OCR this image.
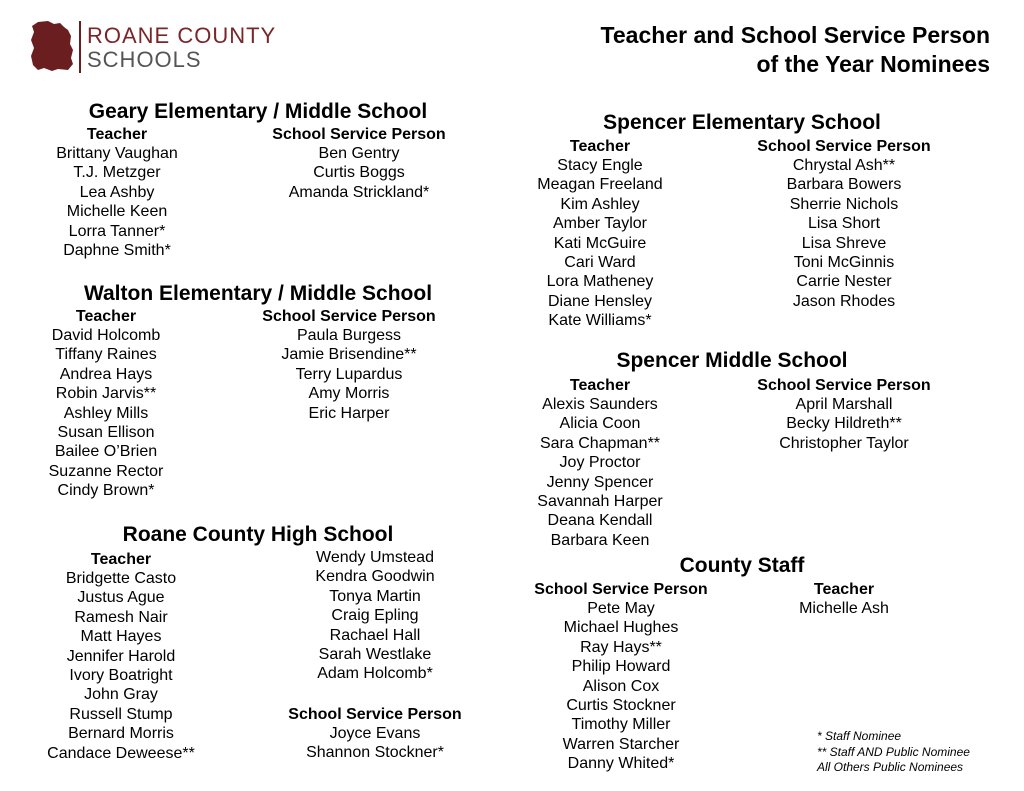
ROANE COUNTY
SCHOOLS
Teacher and School Service Person
of the Year Nominees
Geary Elementary / Middle School
Teacher
Brittany Vaughan
T.J. Metzger
Lea Ashby
Michelle Keen
Lorra Tanner*
Daphne Smith*
School Service Person
Ben Gentry
Curtis Boggs
Amanda Strickland*
Walton Elementary / Middle School
Teacher
David Holcomb
Tiffany Raines
Andrea Hays
Robin Jarvis**
Ashley Mills
Susan Ellison
Bailee O’Brien
Suzanne Rector
Cindy Brown*
School Service Person
Paula Burgess
Jamie Brisendine**
Terry Lupardus
Amy Morris
Eric Harper
Roane County High School
Teacher
Bridgette Casto
Justus Ague
Ramesh Nair
Matt Hayes
Jennifer Harold
Ivory Boatright
John Gray
Russell Stump
Bernard Morris
Candace Deweese**
Wendy Umstead
Kendra Goodwin
Tonya Martin
Craig Epling
Rachael Hall
Sarah Westlake
Adam Holcomb*
School Service Person
Joyce Evans
Shannon Stockner*
Spencer Elementary School
Teacher
Stacy Engle
Meagan Freeland
Kim Ashley
Amber Taylor
Kati McGuire
Cari Ward
Lora Matheney
Diane Hensley
Kate Williams*
School Service Person
Chrystal Ash**
Barbara Bowers
Sherrie Nichols
Lisa Short
Lisa Shreve
Toni McGinnis
Carrie Nester
Jason Rhodes
Spencer Middle School
Teacher
Alexis Saunders
Alicia Coon
Sara Chapman**
Joy Proctor
Jenny Spencer
Savannah Harper
Deana Kendall
Barbara Keen
School Service Person
April Marshall
Becky Hildreth**
Christopher Taylor
County Staff
School Service Person
Pete May
Michael Hughes
Ray Hays**
Philip Howard
Alison Cox
Curtis Stockner
Timothy Miller
Warren Starcher
Danny Whited*
Teacher
Michelle Ash
* Staff Nominee
** Staff AND Public Nominee
All Others Public Nominees
